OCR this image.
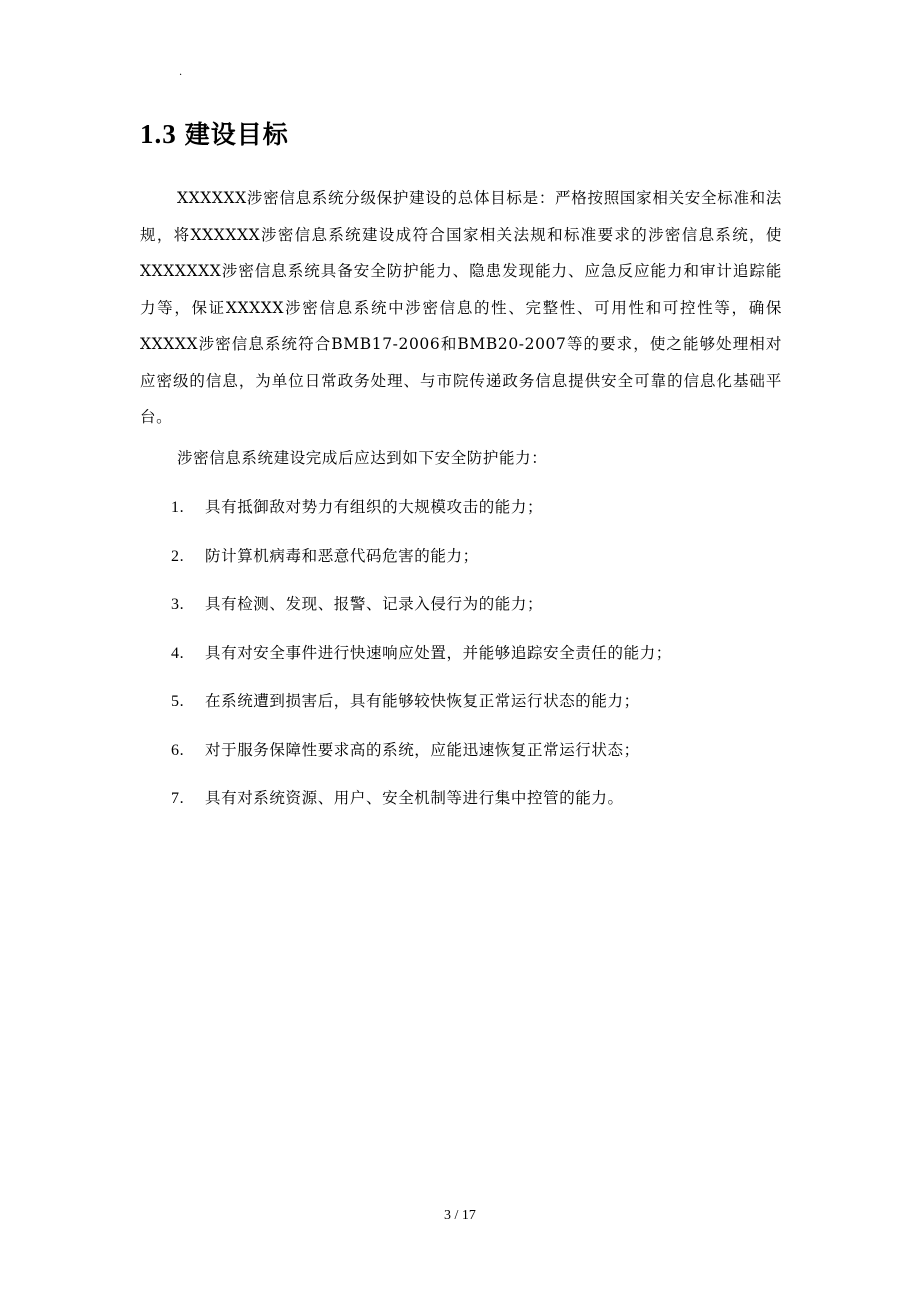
.
1.3 建设目标

XXXXXX涉密信息系统分级保护建设的总体目标是：严格按照国家相关安全标准和法规，将XXXXXX涉密信息系统建设成符合国家相关法规和标准要求的涉密信息系统，使XXXXXXX涉密信息系统具备安全防护能力、隐患发现能力、应急反应能力和审计追踪能力等，保证XXXXX涉密信息系统中涉密信息的性、完整性、可用性和可控性等，确保XXXXX涉密信息系统符合BMB17-2006和BMB20-2007等的要求，使之能够处理相对应密级的信息，为单位日常政务处理、与市院传递政务信息提供安全可靠的信息化基础平台。

涉密信息系统建设完成后应达到如下安全防护能力：
1. 具有抵御敌对势力有组织的大规模攻击的能力；
2. 防计算机病毒和恶意代码危害的能力；
3. 具有检测、发现、报警、记录入侵行为的能力；
4. 具有对安全事件进行快速响应处置，并能够追踪安全责任的能力；
5. 在系统遭到损害后，具有能够较快恢复正常运行状态的能力；
6. 对于服务保障性要求高的系统，应能迅速恢复正常运行状态；
7. 具有对系统资源、用户、安全机制等进行集中控管的能力。
3 / 17
